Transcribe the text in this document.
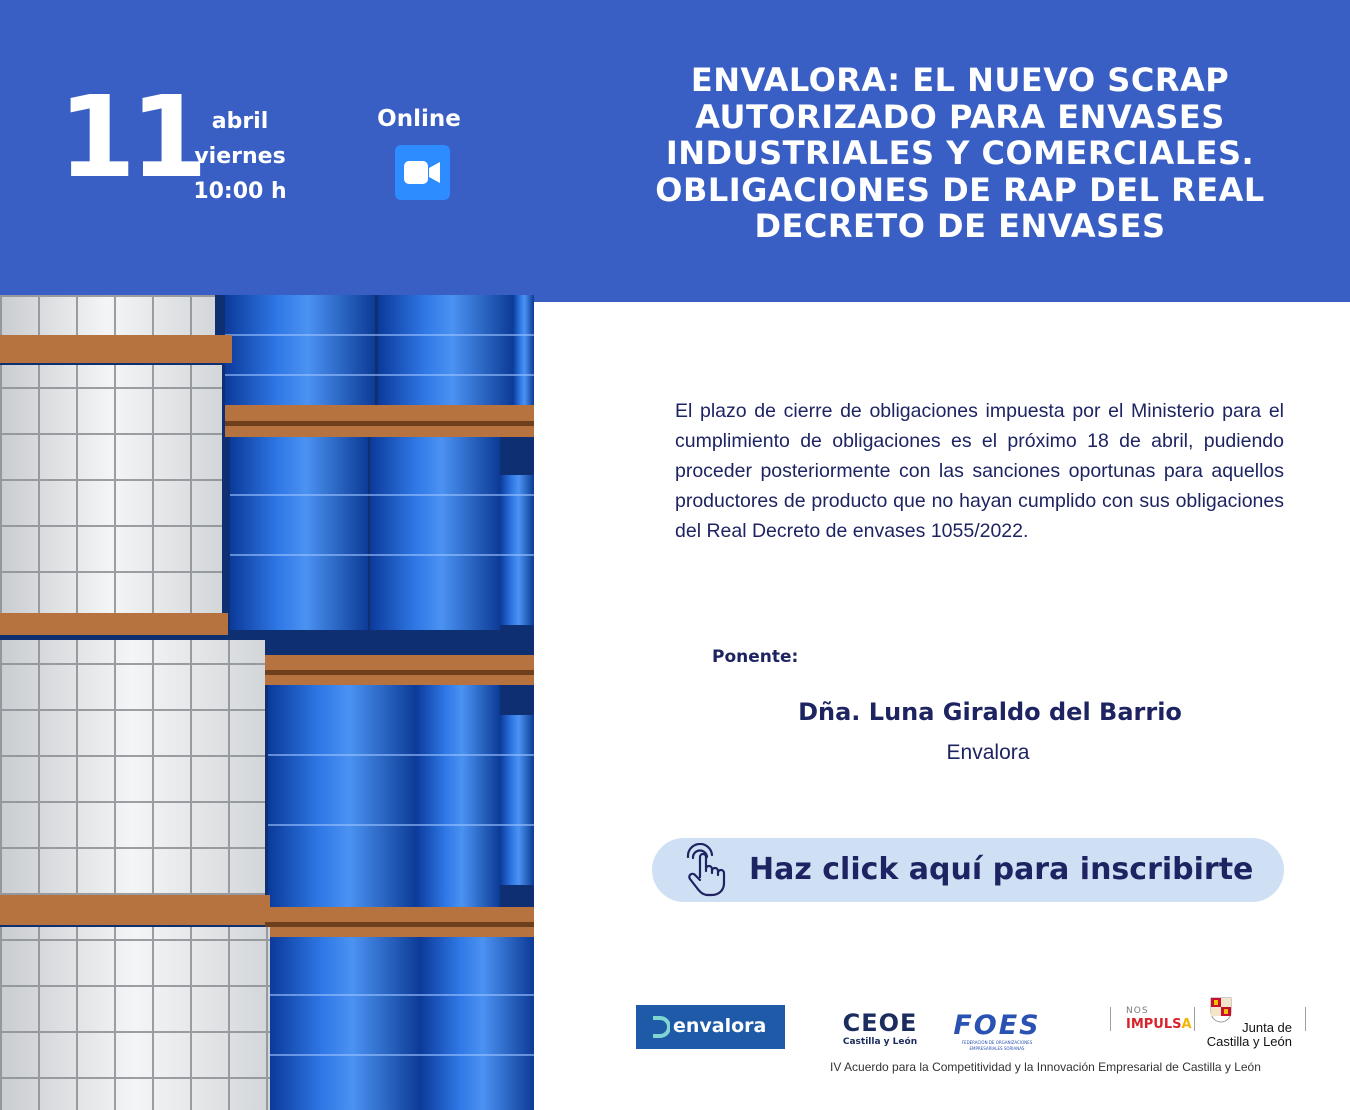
11 abril
viernes
10:00 h
Online
ENVALORA: EL NUEVO SCRAP AUTORIZADO PARA ENVASES INDUSTRIALES Y COMERCIALES. OBLIGACIONES DE RAP DEL REAL DECRETO DE ENVASES

El plazo de cierre de obligaciones impuesta por el Ministerio para el cumplimiento de obligaciones es el próximo 18 de abril, pudiendo proceder posteriormente con las sanciones oportunas para aquellos productores de producto que no hayan cumplido con sus obligaciones del Real Decreto de envases 1055/2022.

Ponente:
Dña. Luna Giraldo del Barrio
Envalora
Haz click aquí para inscribirte
envalora	CEOE
Castilla y León
FOES
FEDERACIÓN DE ORGANIZACIONES EMPRESARIALES SORIANAS
NOS
IMPULSA	Junta de
Castilla y León
IV Acuerdo para la Competitividad y la Innovación Empresarial de Castilla y León
